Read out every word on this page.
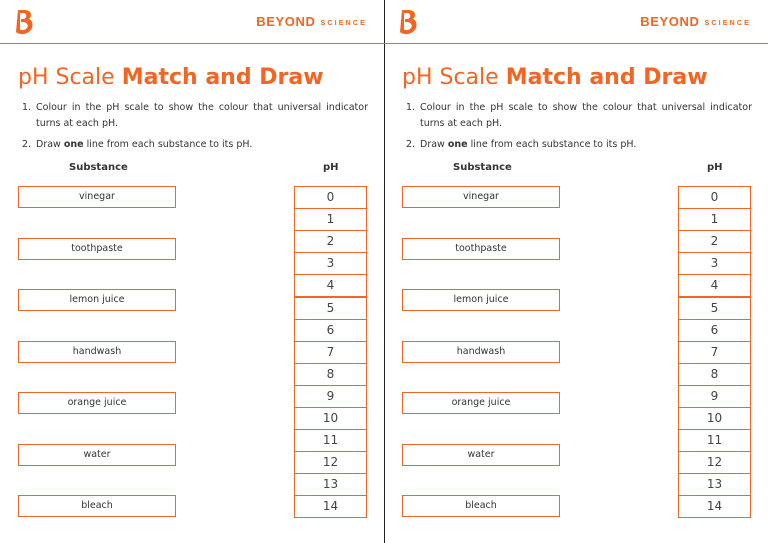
BEYOND SCIENCE
pH Scale Match and Draw
1. Colour in the pH scale to show the colour that universal indicator turns at each pH.
2. Draw one line from each substance to its pH.
Substance	pH
vinegar
toothpaste
lemon juice
handwash
orange juice
water
bleach
0
1
2
3
4
5
6
7
8
9
10
11
12
13
14
BEYOND SCIENCE
pH Scale Match and Draw
1. Colour in the pH scale to show the colour that universal indicator turns at each pH.
2. Draw one line from each substance to its pH.
Substance	pH
vinegar
toothpaste
lemon juice
handwash
orange juice
water
bleach
0
1
2
3
4
5
6
7
8
9
10
11
12
13
14
